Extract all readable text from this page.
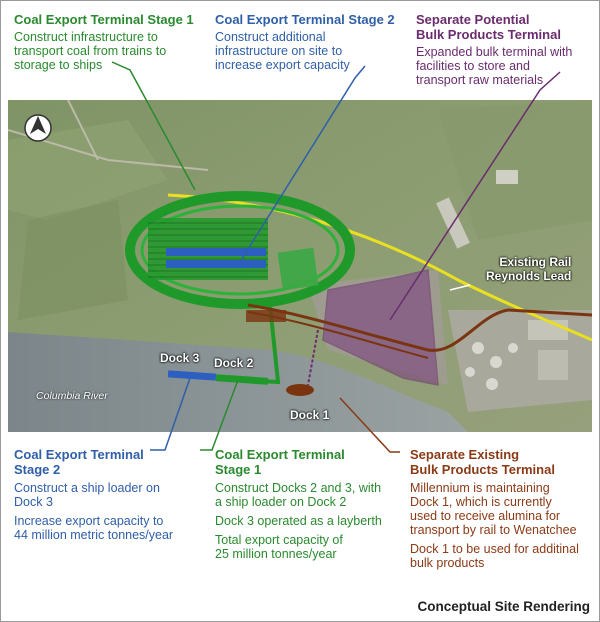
Coal Export Terminal Stage 1
Construct infrastructure to
transport coal from trains to
storage to ships
Coal Export Terminal Stage 2
Construct additional
infrastructure on site to
increase export capacity
Separate Potential
Bulk Products Terminal
Expanded bulk terminal with
facilities to store and
transport raw materials
Dock 3 Dock 2
Dock 1
Columbia River
Existing Rail
Reynolds Lead
Coal Export Terminal
Stage 2
Construct a ship loader on
Dock 3
Increase export capacity to
44 million metric tonnes/year
Coal Export Terminal
Stage 1
Construct Docks 2 and 3, with
a ship loader on Dock 2
Dock 3 operated as a layberth
Total export capacity of
25 million tonnes/year
Separate Existing
Bulk Products Terminal
Millennium is maintaining
Dock 1, which is currently
used to receive alumina for
transport by rail to Wenatchee
Dock 1 to be used for additinal
bulk products
Conceptual Site Rendering
